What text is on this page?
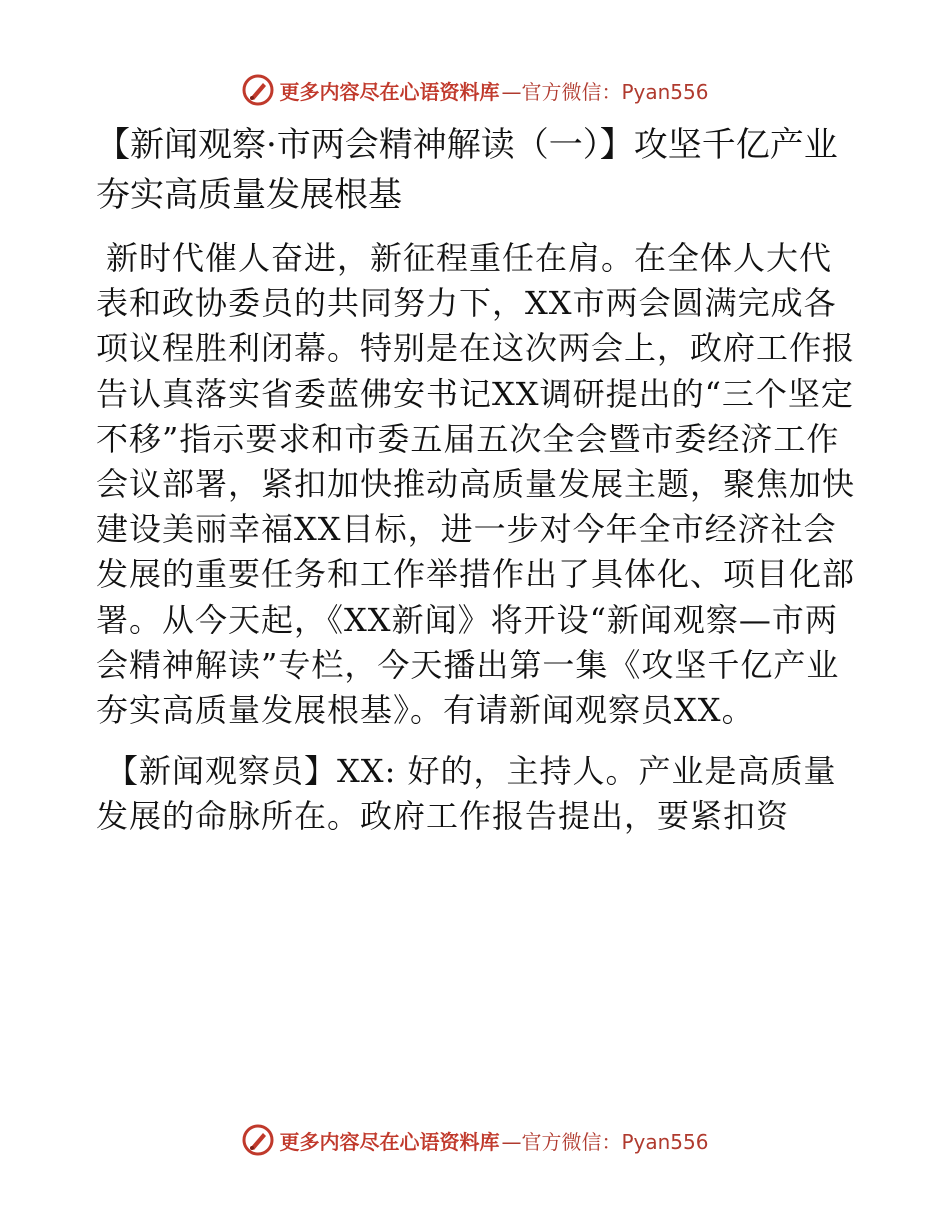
更多内容尽在心语资料库 —官方微信：Pyan556
【新闻观察·市两会精神解读（一）】攻坚千亿产业 夯实高质量发展根基

新时代催人奋进，新征程重任在肩。在全体人大代表和政协委员的共同努力下，XX市两会圆满完成各项议程胜利闭幕。特别是在这次两会上，政府工作报告认真落实省委蓝佛安书记XX调研提出的“三个坚定不移”指示要求和市委五届五次全会暨市委经济工作会议部署，紧扣加快推动高质量发展主题，聚焦加快建设美丽幸福XX目标，进一步对今年全市经济社会发展的重要任务和工作举措作出了具体化、项目化部署。从今天起，《XX新闻》将开设“新闻观察—市两会精神解读”专栏，今天播出第一集《攻坚千亿产业 夯实高质量发展根基》。有请新闻观察员XX。

【新闻观察员】XX: 好的，主持人。产业是高质量发展的命脉所在。政府工作报告提出，要紧扣资

更多内容尽在心语资料库 —官方微信：Pyan556
